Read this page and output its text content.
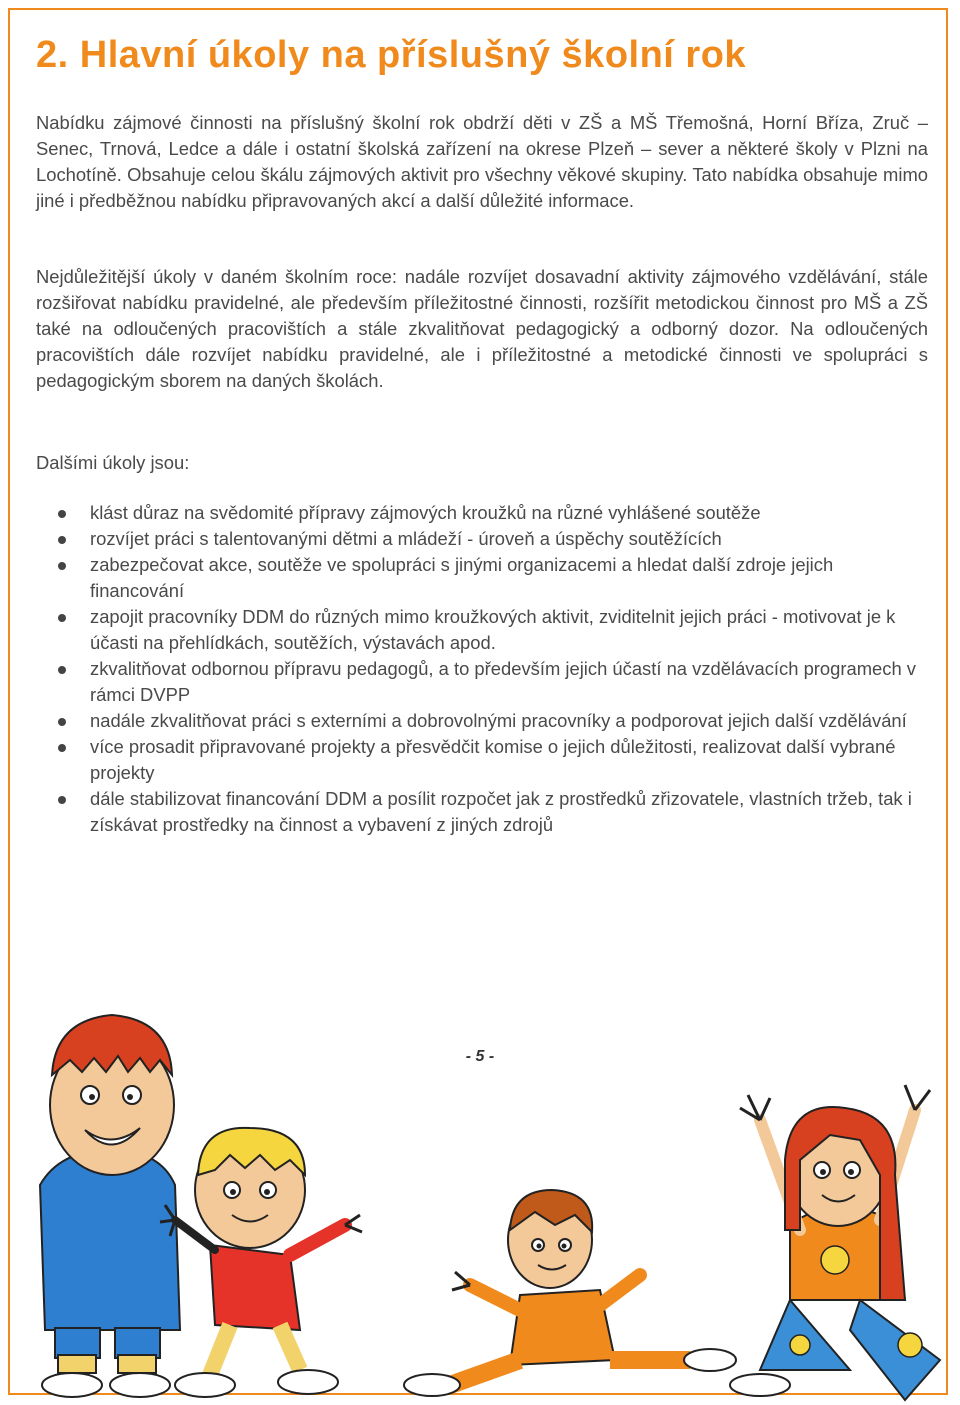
2. Hlavní úkoly na příslušný školní rok

Nabídku zájmové činnosti na příslušný školní rok obdrží děti v ZŠ a MŠ Třemošná, Horní Bříza, Zruč – Senec, Trnová, Ledce a dále i ostatní školská zařízení na okrese Plzeň – sever a některé školy v Plzni na Lochotíně. Obsahuje celou škálu zájmových aktivit pro všechny věkové skupiny. Tato nabídka obsahuje mimo jiné i předběžnou nabídku připravovaných akcí a další důležité informace.

Nejdůležitější úkoly v daném školním roce: nadále rozvíjet dosavadní aktivity zájmového vzdělávání, stále rozšiřovat nabídku pravidelné, ale především příležitostné činnosti, rozšířit metodickou činnost pro MŠ a ZŠ také na odloučených pracovištích a stále zkvalitňovat pedagogický a odborný dozor. Na odloučených pracovištích dále rozvíjet nabídku pravidelné, ale i příležitostné a metodické činnosti ve spolupráci s pedagogickým sborem na daných školách.

Dalšími úkoly jsou:

klást důraz na svědomité přípravy zájmových kroužků na různé vyhlášené soutěže
rozvíjet práci s talentovanými dětmi a mládeží - úroveň a úspěchy soutěžících
zabezpečovat akce, soutěže ve spolupráci s jinými organizacemi a hledat další zdroje jejich financování
zapojit pracovníky DDM do různých mimo kroužkových aktivit, zviditelnit jejich práci - motivovat je k účasti na přehlídkách, soutěžích, výstavách apod.
zkvalitňovat odbornou přípravu pedagogů, a to především jejich účastí na vzdělávacích programech v rámci DVPP
nadále zkvalitňovat práci s externími a dobrovolnými pracovníky a podporovat jejich další vzdělávání
více prosadit připravované projekty a přesvědčit komise o jejich důležitosti, realizovat další vybrané projekty
dále stabilizovat financování DDM a posílit rozpočet jak z prostředků zřizovatele, vlastních tržeb, tak i získávat prostředky na činnost a vybavení z jiných zdrojů
- 5 -
